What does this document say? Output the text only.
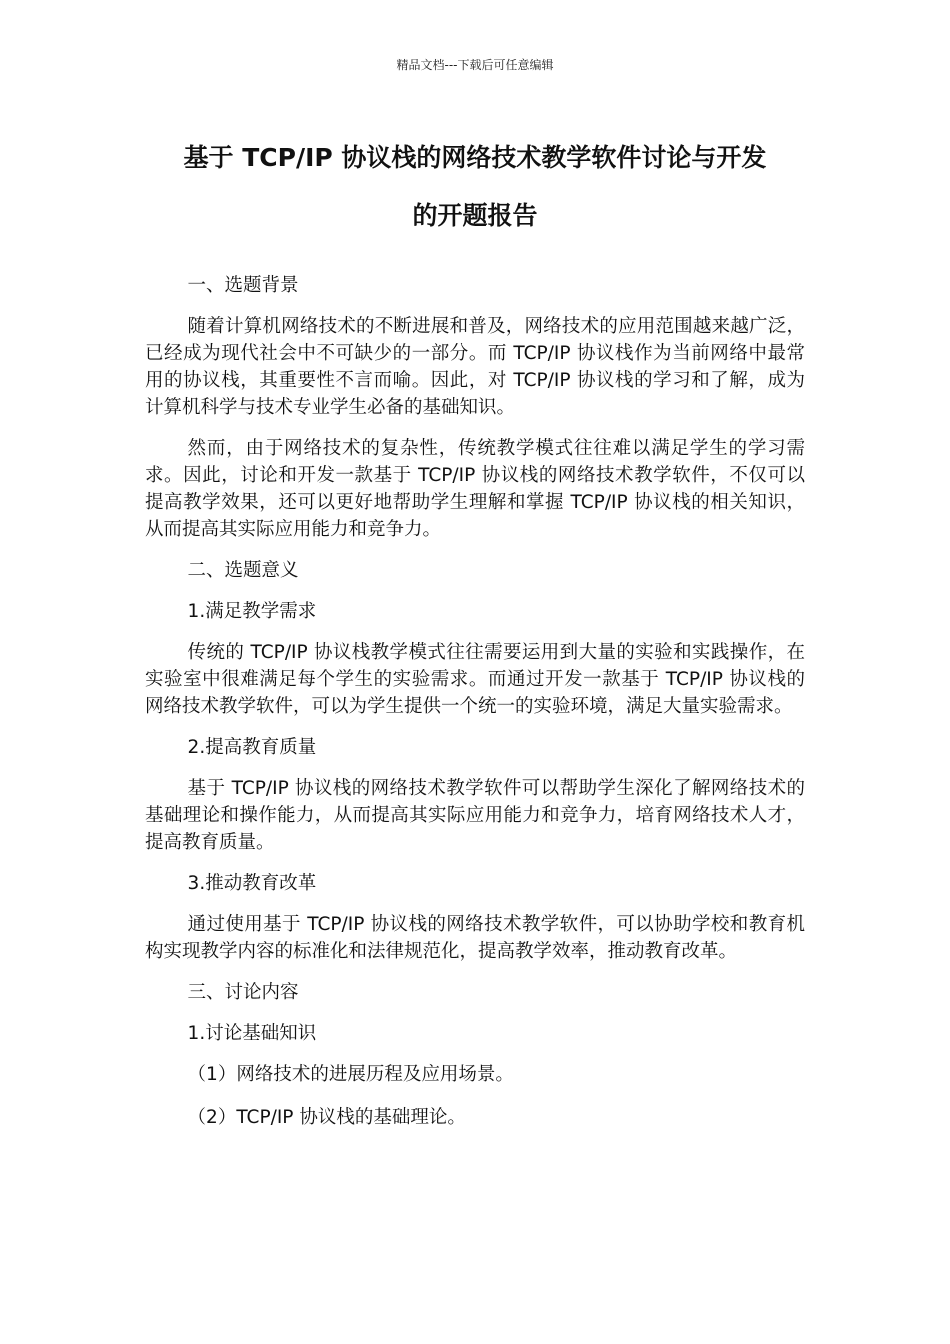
精品文档---下载后可任意编辑
基于 TCP/IP 协议栈的网络技术教学软件讨论与开发
的开题报告

一、选题背景

随着计算机网络技术的不断进展和普及，网络技术的应用范围越来越广泛，已经成为现代社会中不可缺少的一部分。而 TCP/IP 协议栈作为当前网络中最常用的协议栈，其重要性不言而喻。因此，对 TCP/IP 协议栈的学习和了解，成为计算机科学与技术专业学生必备的基础知识。

然而，由于网络技术的复杂性，传统教学模式往往难以满足学生的学习需求。因此，讨论和开发一款基于 TCP/IP 协议栈的网络技术教学软件，不仅可以提高教学效果，还可以更好地帮助学生理解和掌握 TCP/IP 协议栈的相关知识，从而提高其实际应用能力和竞争力。

二、选题意义

1.满足教学需求

传统的 TCP/IP 协议栈教学模式往往需要运用到大量的实验和实践操作，在实验室中很难满足每个学生的实验需求。而通过开发一款基于 TCP/IP 协议栈的网络技术教学软件，可以为学生提供一个统一的实验环境，满足大量实验需求。

2.提高教育质量

基于 TCP/IP 协议栈的网络技术教学软件可以帮助学生深化了解网络技术的基础理论和操作能力，从而提高其实际应用能力和竞争力，培育网络技术人才，提高教育质量。

3.推动教育改革

通过使用基于 TCP/IP 协议栈的网络技术教学软件，可以协助学校和教育机构实现教学内容的标准化和法律规范化，提高教学效率，推动教育改革。

三、讨论内容

1.讨论基础知识

（1）网络技术的进展历程及应用场景。

（2）TCP/IP 协议栈的基础理论。
